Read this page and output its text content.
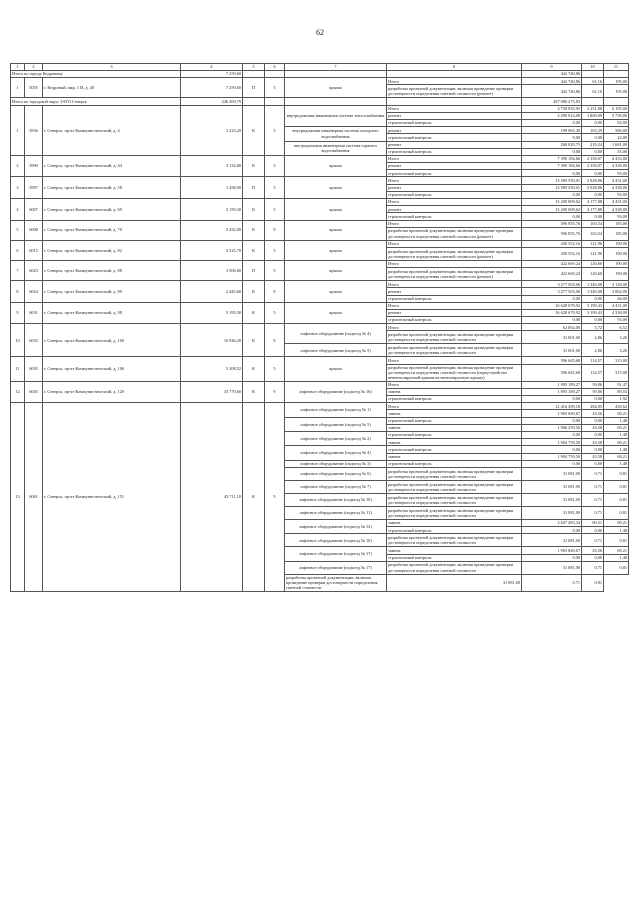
62
1	2	3	4	5	6	7	8	9	10	11
Итого по городу Кедровому			7 259,60					442 740,86		
1	5055	г. Кедровый, мкр. 1 И, д. 40	7 259,60	П	5	крыша	Итого	442 740,86	61,16	195,00
							разработка проектной документации, включая проведение проверки достоверности определения сметной стоимости (ремонт)	442 740,86	61,16	195,00
Итого по городской округ ЗАТО Северск			246 369,79					297 086 275,83		
1	3936	г. Северск, пр-кт Коммунистический, д. 4	1 223,20	К	3	внутридомовая инженерная система теплоснабжения	Итого	2 758 835,95	2 251,08	6 195,00
							ремонт	2 290 914,08	1 869,09	5 756,00
							строительный контроль	0,00	0,00	82,00
						внутридомовая инженерная система холодного водоснабжения	ремонт	199 965,30	163,29	586,00
							строительный контроль	0,00	0,00	22,00
						внутридомовая инженерная система горячего водоснабжения	ремонт	268 029,75	219,24	1 681,00
							строительный контроль	0,00	0,00	35,00
2	3990	г. Северск, пр-кт Коммунистический, д. 44	3 134,80	К	5	крыша	Итого	7 390 184,66	2 358,07	4 433,00
							ремонт	7 390 184,66	2 358,07	4 338,00
							строительный контроль	0,00	0,00	95,00
3	3997	г. Северск, пр-кт Коммунистический, д. 58	1 458,90	П	5	крыша	Итого	13 589 550,01	3 928,86	4 431,00
							ремонт	13 589 550,01	3 928,86	4 338,00
							строительный контроль	0,00	0,00	93,00
4	6007	г. Северск, пр-кт Коммунистический, д. 69	3 159,30	К	5	крыша	Итого	13 200 009,62	4 177,88	4 431,00
							ремонт	13 200 009,62	4 177,88	4 338,00
							строительный контроль	0,00	0,00	93,00
5	6008	г. Северск, пр-кт Коммунистический, д. 70	3 432,00	К	9	крыша	Итого	596 855,76	163,54	185,00
							разработка проектной документации, включая проведение проверки достоверности определения сметной стоимости (ремонт)	596 855,76	163,54	185,00
6	6015	г. Северск, пр-кт Коммунистический, д. 82	3 525,70	К	5	крыша	Итого	430 552,16	121,96	190,00
							разработка проектной документации, включая проведение проверки достоверности определения сметной стоимости (ремонт)	430 552,16	121,96	190,00
7	6023	г. Северск, пр-кт Коммунистический, д. 88	3 506,60	П	5	крыша	Итого	422 669,24	120,60	190,00
							разработка проектной документации, включая проведение проверки достоверности определения сметной стоимости (ремонт)	422 669,24	120,60	190,00
8	6024	г. Северск, пр-кт Коммунистический, д. 89	2 445,60	К	9	крыша	Итого	3 277 503,06	1 340,08	3 128,00
							ремонт	3 277 503,06	1 340,08	3 062,00
							строительный контроль	0,00	0,00	66,00
9	6031	г. Северск, пр-кт Коммунистический, д. 98	5 195,30	К	5	крыша	Итого	16 628 679,92	3 199,43	4 431,00
							ремонт	16 628 679,92	3 199,43	4 338,00
							строительный контроль	0,00	0,00	93,00
10	6033	г. Северск, пр-кт Коммунистический, д. 100	10 946,20	К	9	лифтовое оборудование (подъезд № 4)	Итого	62 002,00	5,72	6,52
							разработка проектной документации, включая проведение проверки достоверности определения сметной стоимости	31 001,00	2,86	3,26
						лифтовое оборудование (подъезд № 5)	разработка проектной документации, включая проведение проверки достоверности определения сметной стоимости	31 001,00	2,86	3,26
11	6035	г. Северск, пр-кт Коммунистический, д. 106	5 208,52	К	5	крыша	Итого	596 645,68	114,57	315,00
							разработка проектной документации, включая проведение проверки достоверности определения сметной стоимости (переустройство невентилируемой крыши на вентилируемую крышу)	596 645,68	114,57	315,00
12	6045	г. Северск, пр-кт Коммунистический, д. 120	33 779,60	К	9	лифтовое оборудование (подъезд № 16)	Итого	1 995 189,27	59,06	91,47
							замена	1 995 189,27	59,06	89,55
							строительный контроль	0,00	0,00	1,92
13	6061	г. Северск, пр-кт Коммунистический, д. 151	43 711,10	К	9	лифтовое оборудование (подъезд № 1)	Итого	12 416 309,18	284,05	430,62
							замена	1 903 849,67	43,56	69,21
						лифтовое оборудование (подъезд № 5)	строительный контроль	0,00	0,00	1,48
							замена	1 906 259,50	43,58	69,21
						лифтовое оборудование (подъезд № 2)	строительный контроль	0,00	0,00	1,48
							замена	1 904 759,50	43,58	69,21
						лифтовое оборудование (подъезд № 4)	строительный контроль	0,00	0,00	1,48
							замена	1 904 759,50	43,58	69,21
						лифтовое оборудование (подъезд № 3)	строительный контроль	0,00	0,00	1,48
						лифтовое оборудование (подъезд № 6)	разработка проектной документации, включая проведение проверки достоверности определения сметной стоимости	31 081,00	0,71	0,81
						лифтовое оборудование (подъезд № 7)	разработка проектной документации, включая проведение проверки достоверности определения сметной стоимости	31 081,00	0,71	0,81
						лифтовое оборудование (подъезд № 10)	разработка проектной документации, включая проведение проверки достоверности определения сметной стоимости	31 081,00	0,71	0,81
						лифтовое оборудование (подъезд № 11)	разработка проектной документации, включая проведение проверки достоверности определения сметной стоимости	31 081,00	0,71	0,81
						лифтовое оборудование (подъезд № 12)	замена	2 647 483,34	60,51	69,21
							строительный контроль	0,00	0,00	1,48
						лифтовое оборудование (подъезд № 16)	разработка проектной документации, включая проведение проверки достоверности определения сметной стоимости	31 081,00	0,71	0,81
						лифтовое оборудование (подъезд № 17)	замена	1 903 849,67	43,56	69,21
							строительный контроль	0,00	0,00	1,48
						лифтовое оборудование (подъезд № 17)	разработка проектной документации, включая проведение проверки достоверности определения сметной стоимости	31 081,00	0,71	0,81
						разработка проектной документации, включая проведение проверки достоверности определения сметной стоимости	31 081,00	0,71	0,81	
